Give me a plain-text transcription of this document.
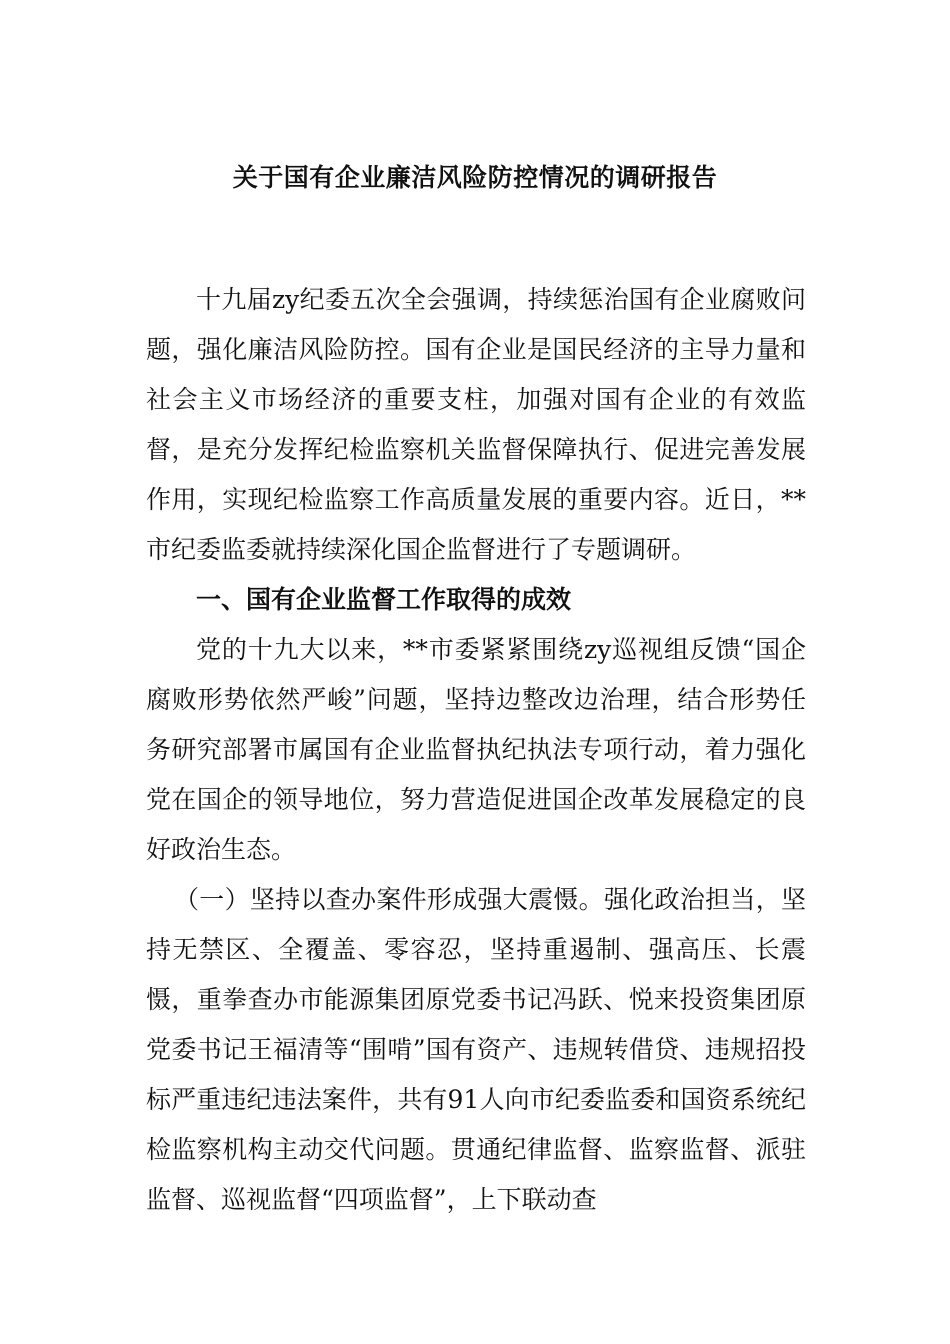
关于国有企业廉洁风险防控情况的调研报告

十九届zy纪委五次全会强调，持续惩治国有企业腐败问题，强化廉洁风险防控。国有企业是国民经济的主导力量和社会主义市场经济的重要支柱，加强对国有企业的有效监督，是充分发挥纪检监察机关监督保障执行、促进完善发展作用，实现纪检监察工作高质量发展的重要内容。近日，**市纪委监委就持续深化国企监督进行了专题调研。

一、国有企业监督工作取得的成效

党的十九大以来，**市委紧紧围绕zy巡视组反馈“国企腐败形势依然严峻”问题，坚持边整改边治理，结合形势任务研究部署市属国有企业监督执纪执法专项行动，着力强化党在国企的领导地位，努力营造促进国企改革发展稳定的良好政治生态。

（一）坚持以查办案件形成强大震慑。强化政治担当，坚持无禁区、全覆盖、零容忍，坚持重遏制、强高压、长震慑，重拳查办市能源集团原党委书记冯跃、悦来投资集团原党委书记王福清等“围啃”国有资产、违规转借贷、违规招投标严重违纪违法案件，共有91人向市纪委监委和国资系统纪检监察机构主动交代问题。贯通纪律监督、监察监督、派驻监督、巡视监督“四项监督”，上下联动查
